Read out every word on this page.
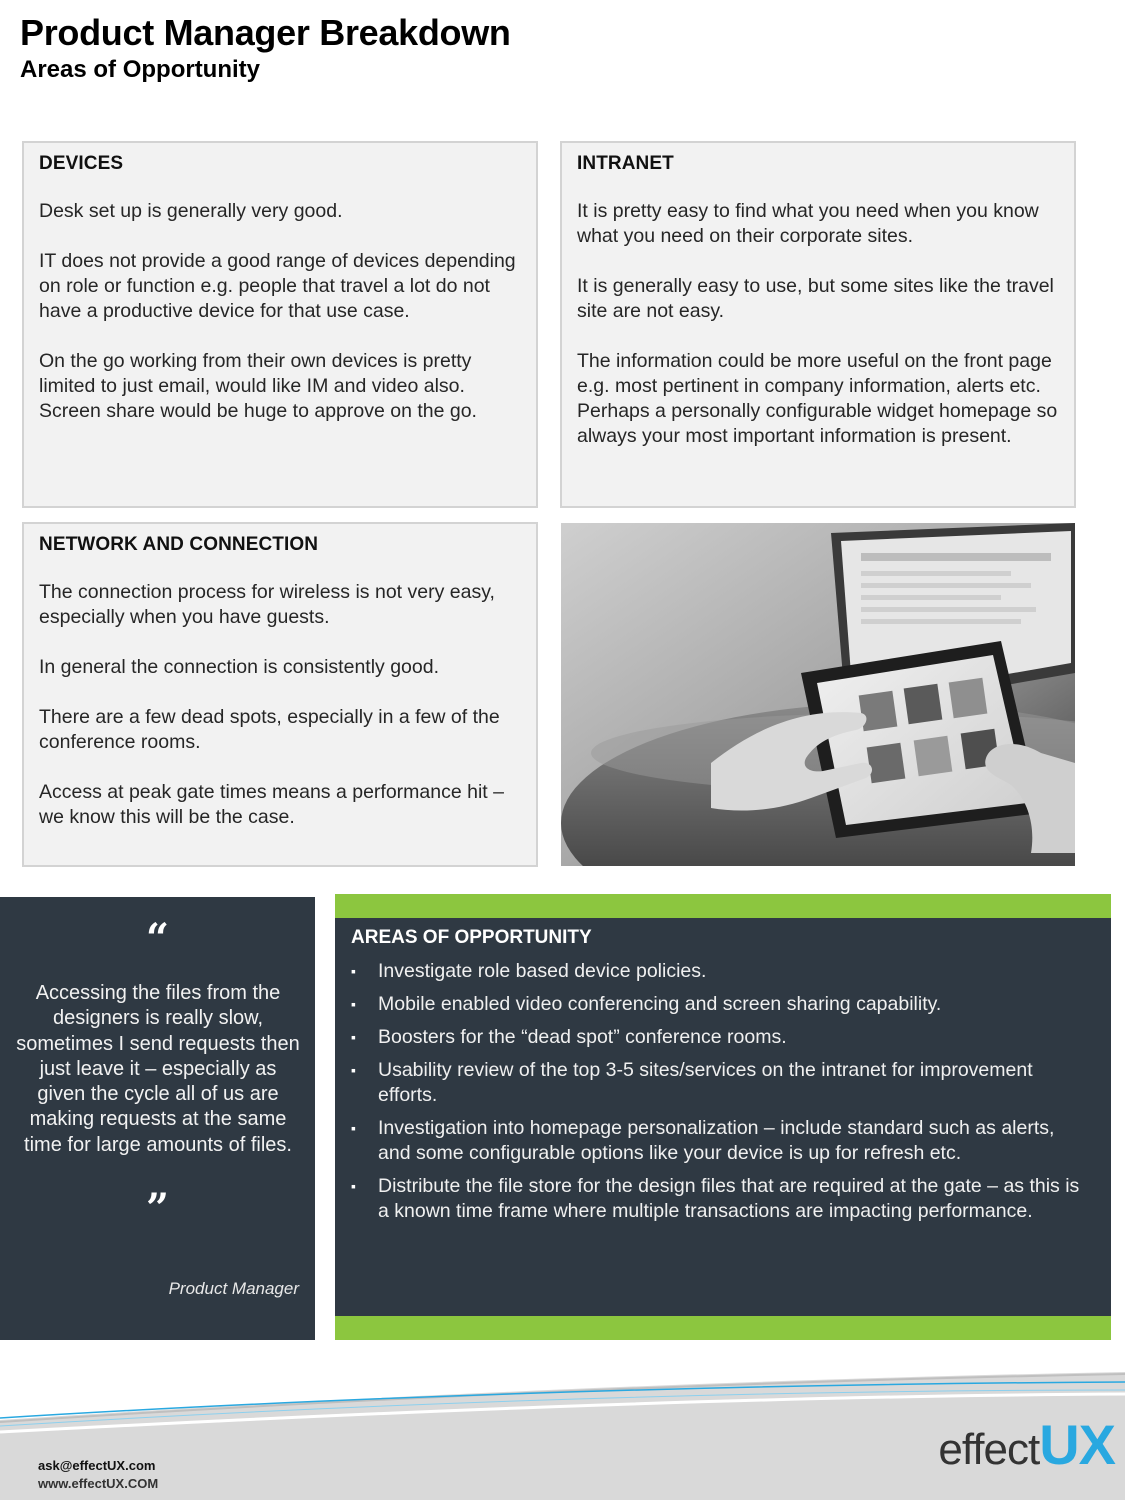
Product Manager Breakdown
Areas of Opportunity
DEVICES

Desk set up is generally very good.

IT does not provide a good range of devices depending on role or function e.g. people that travel a lot do not have a productive device for that use case.

On the go working from their own devices is pretty limited to just email, would like IM and video also. Screen share would be huge to approve on the go.

INTRANET

It is pretty easy to find what you need when you know what you need on their corporate sites.

It is generally easy to use, but some sites like the travel site are not easy.

The information could be more useful on the front page e.g. most pertinent in company information, alerts etc. Perhaps a personally configurable widget homepage so always your most important information is present.

NETWORK AND CONNECTION

The connection process for wireless is not very easy, especially when you have guests.

In general the connection is consistently good.

There are a few dead spots, especially in a few of the conference rooms.

Access at peak gate times means a performance hit – we know this will be the case.

“
Accessing the files from the designers is really slow, sometimes I send requests then just leave it – especially as given the cycle all of us are making requests at the same time for large amounts of files.
”
Product Manager
AREAS OF OPPORTUNITY
▪ Investigate role based device policies.
▪ Mobile enabled video conferencing and screen sharing capability.
▪ Boosters for the “dead spot” conference rooms.
▪ Usability review of the top 3-5 sites/services on the intranet for improvement efforts.
▪ Investigation into homepage personalization – include standard such as alerts, and some configurable options like your device is up for refresh etc.
▪ Distribute the file store for the design files that are required at the gate – as this is a known time frame where multiple transactions are impacting performance.
ask@effectUX.com
www.effectUX.COM
effectUX
